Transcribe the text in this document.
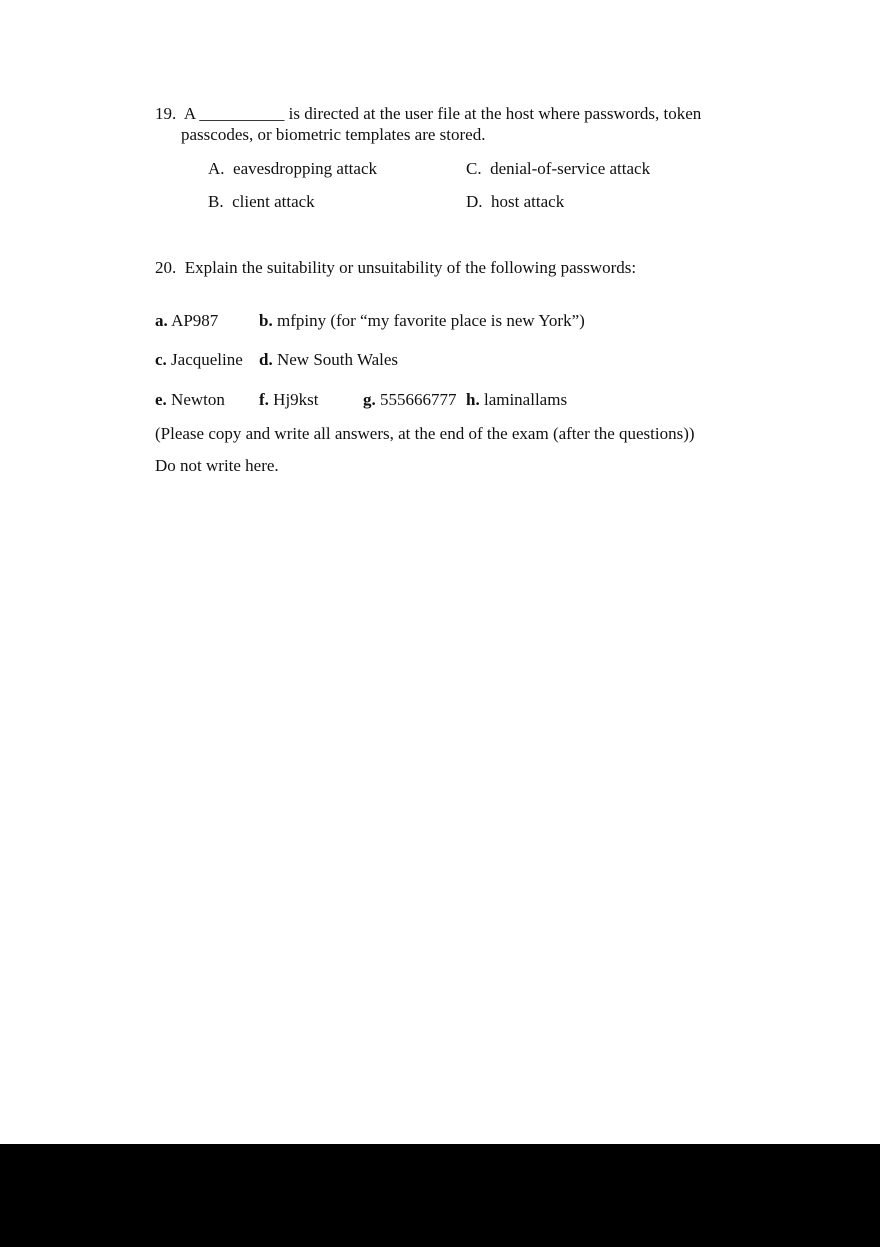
19. A __________ is directed at the user file at the host where passwords, token
passcodes, or biometric templates are stored.
A. eavesdropping attack
B. client attack
C. denial-of-service attack
D. host attack
20. Explain the suitability or unsuitability of the following passwords:
a. AP987 b. mfpiny (for “my favorite place is new York”)
c. Jacqueline d. New South Wales
e. Newton f. Hj9kst	g. 555666777 h. laminallams
(Please copy and write all answers, at the end of the exam (after the questions))
Do not write here.
